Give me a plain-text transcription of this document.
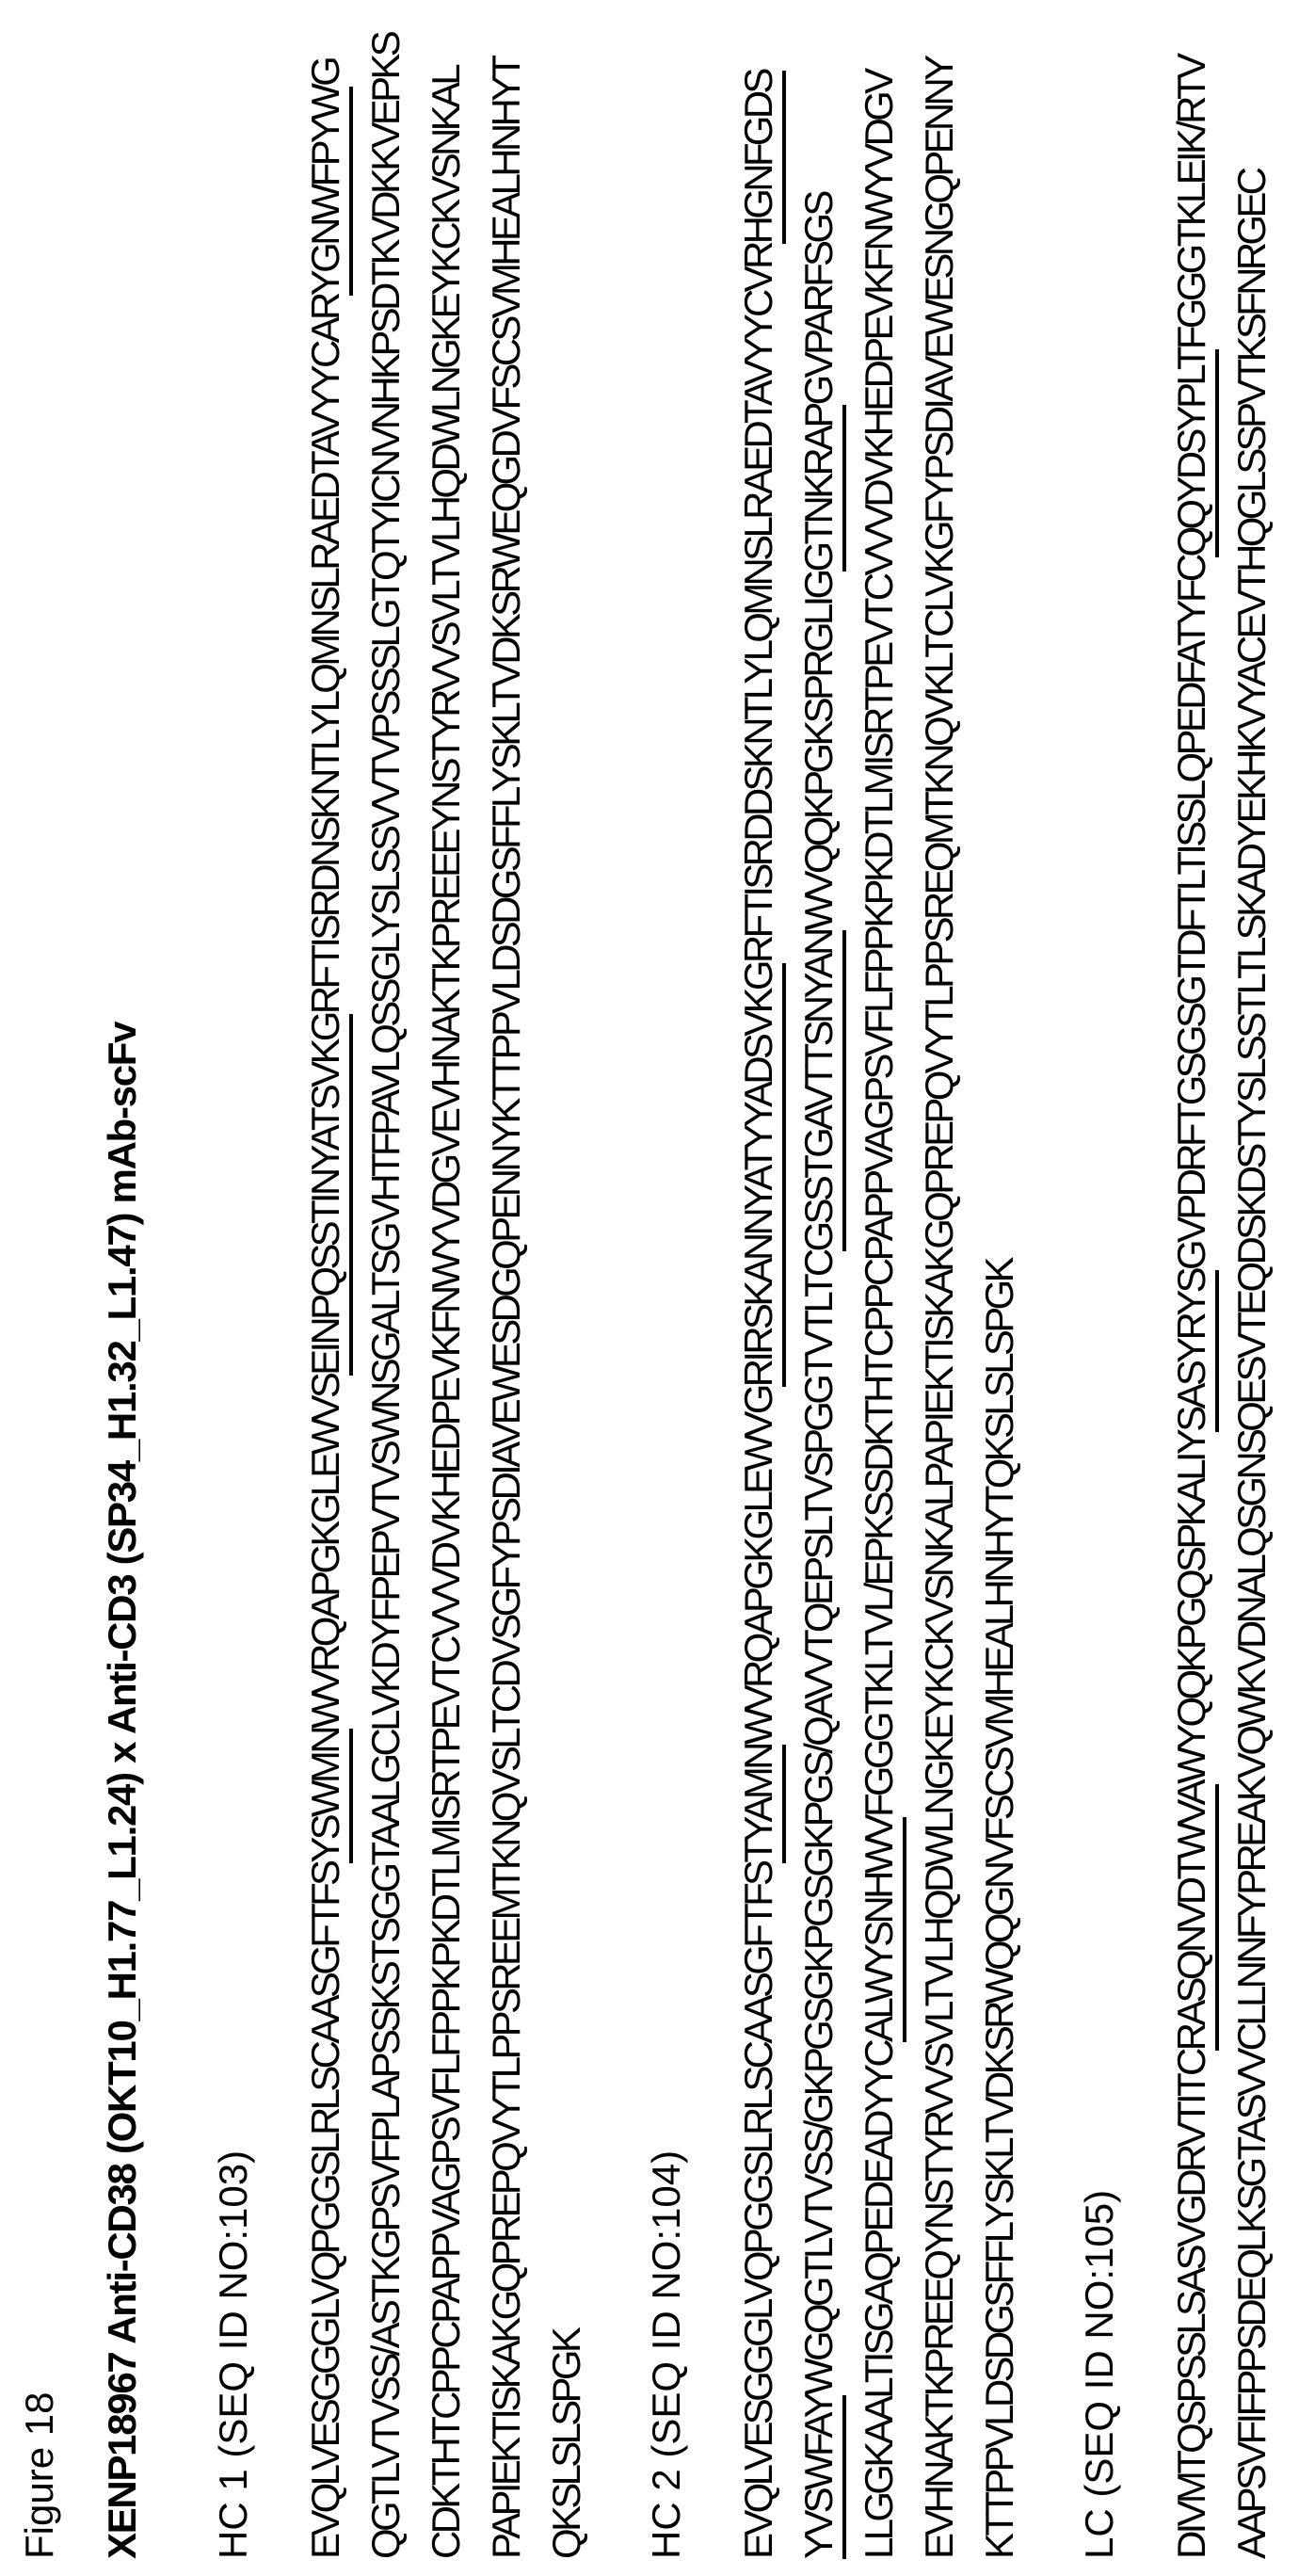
Figure 18 XENP18967 Anti-CD38 (OKT10_H1.77_L1.24) x Anti-CD3 (SP34_H1.32_L1.47) mAb-scFv HC 1 (SEQ ID NO:103) EVQLVESGGGLVQPGGSLRLSCAASGFTFSYSWMNWVRQAPGKGLEWVSEINPQSSTINYATSVKGRFTISRDNSKNTLYLQMNSLRAEDTAVYYCARYGNWFPYWG QGTLVTVSS/ASTKGPSVFPLAPSSKSTSGGTAALGCLVKDYFPEPVTVSWNSGALTSGVHTFPAVLQSSGLYSLSSVVTVPSSSLGTQTYICNVNHKPSDTKVDKKVEPKS CDKTHTCPPCPAPPVAGPSVFLFPPKPKDTLMISRTPEVTCVVVDVKHEDPEVKFNWYVDGVEVHNAKTKPREEEYNSTYRVVSVLTVLHQDWLNGKEYKCKVSNKAL PAPIEKTISKAKGQPREPQVYTLPPSREEMTKNQVSLTCDVSGFYPSDIAVEWESDGQPENNYKTTPPVLDSDGSFFLYSKLTVDKSRWEQGDVFSCSVMHEALHNHYT QKSLSLSPGK HC 2 (SEQ ID NO:104) EVQLVESGGGLVQPGGSLRLSCAASGFTFSTYAMNWVRQAPGKGLEWVGRIRSKANNYATYYADSVKGRFTISRDDSKNTLYLQMNSLRAEDTAVYYCVRHGNFGDS
YVSWFAYWGQGTLVTVSS/GKPGSGKPGSGKPGS/QAVVTQEPSLTVSPGGTVTLTCGSSTGAVTTSNYANWVQQKPGKSPRGLIGGTNKRAPGVPARFSGS
LLGGKAALTISGAQPEDEADYYCALWYSNHWVFGGGTKLTVL/EPKSSDKTHTCPPCPAPPVAGPSVFLFPPKPKDTLMISRTPEVTCVVVDVKHEDPEVKFNWYVDGV EVHNAKTKPREEQYNSTYRVVSVLTVLHQDWLNGKEYKCKVSNKALPAPIEKTISKAKGQPREPQVYTLPPSREQMTKNQVKLTCLVKGFYPSDIAVEWESNGQPENNY KTTPPVLDSDGSFFLYSKLTVDKSRWQQGNVFSCSVMHEALHNHYTQKSLSLSPGK LC (SEQ ID NO:105) DIVMTQSPSSLSASVGDRVTITCRASQNVDTWVAWYQQKPGQSPKALIYSASYRYSGVPDRFTGSGSGTDFTLTISSLQPEDFATYFCQQYDSYPLTFGGGTKLEIK/RTV AAPSVFIFPPSDEQLKSGTASVVCLLNNFYPREAKVQWKVDNALQSGNSQESVTEQDSKDSTYSLSSTLTLSKADYEKHKVYACEVTHQGLSSPVTKSFNRGEC
